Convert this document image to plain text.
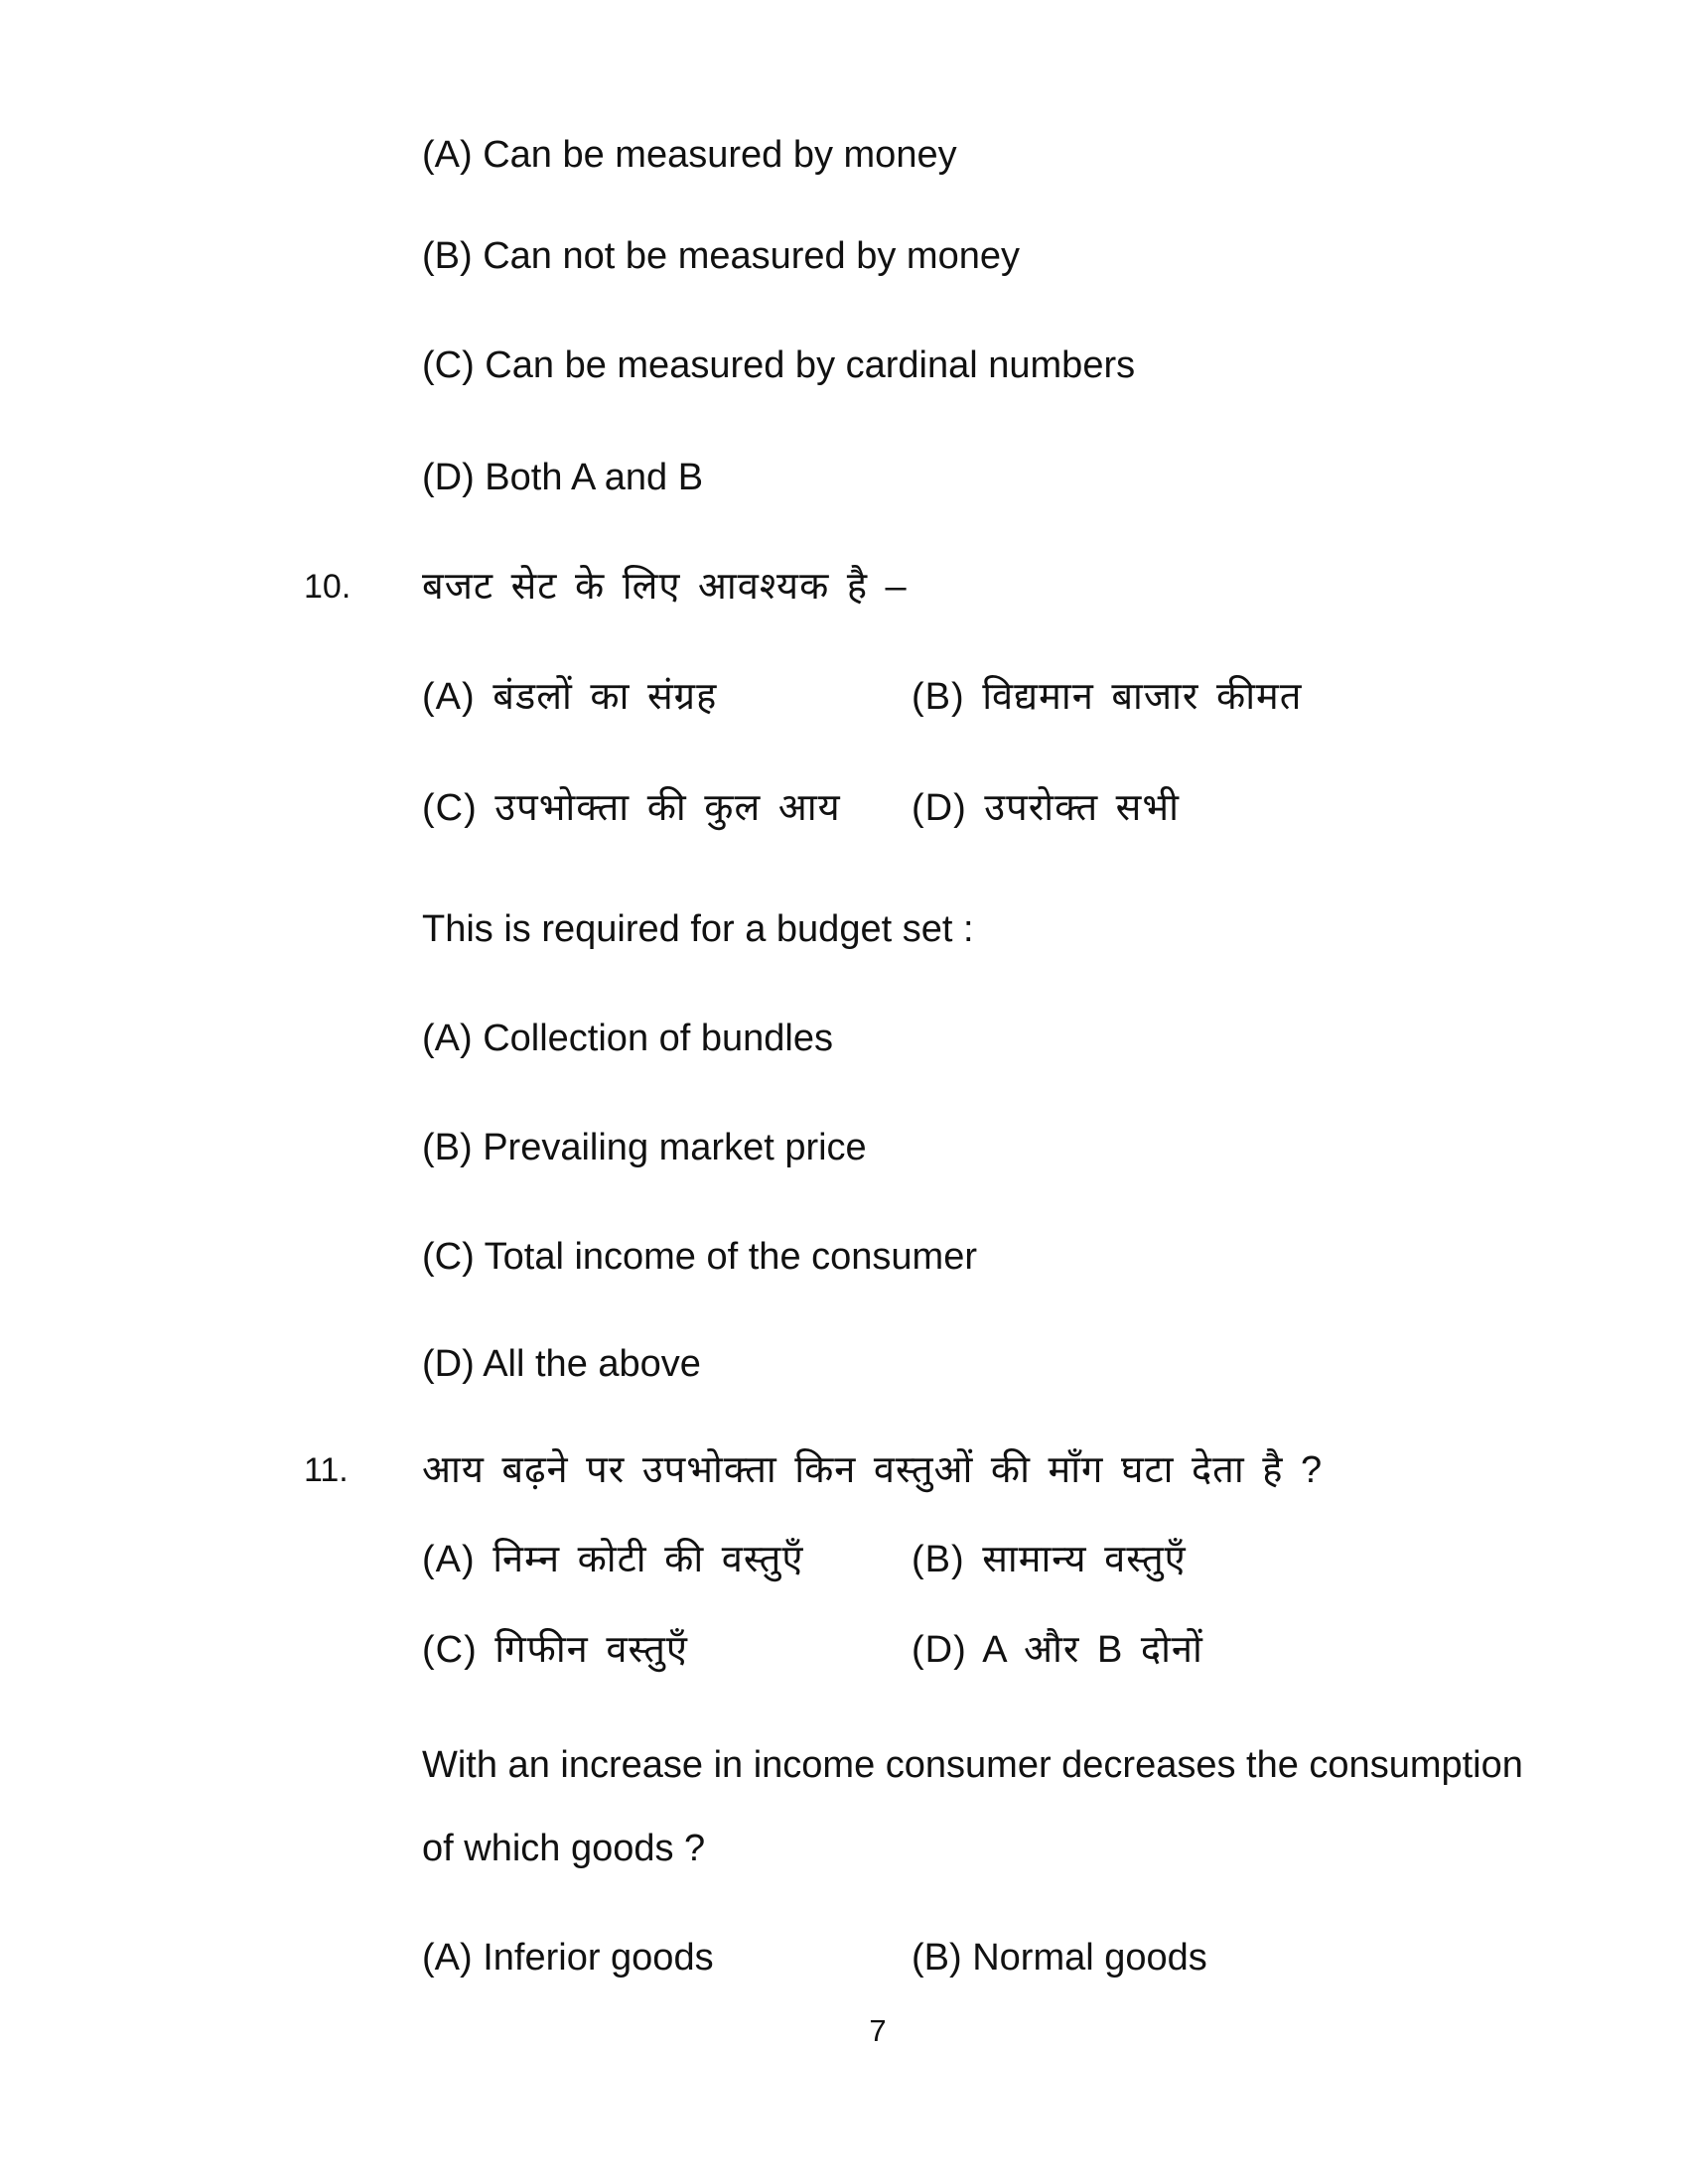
(A) Can be measured by money
(B) Can not be measured by money
(C) Can be measured by cardinal numbers
(D) Both A and B
10. बजट सेट के लिए आवश्यक है –
(A) बंडलों का संग्रह	(B) विद्यमान बाजार कीमत
(C) उपभोक्ता की कुल आय (D) उपरोक्त सभी
This is required for a budget set :
(A) Collection of bundles
(B) Prevailing market price
(C) Total income of the consumer
(D) All the above
11. आय बढ़ने पर उपभोक्ता किन वस्तुओं की माँग घटा देता है ?
(A) निम्न कोटी की वस्तुएँ	(B) सामान्य वस्तुएँ
(C) गिफीन वस्तुएँ	(D) A और B दोनों
With an increase in income consumer decreases the consumption
of which goods ?
(A) Inferior goods	(B) Normal goods
7
